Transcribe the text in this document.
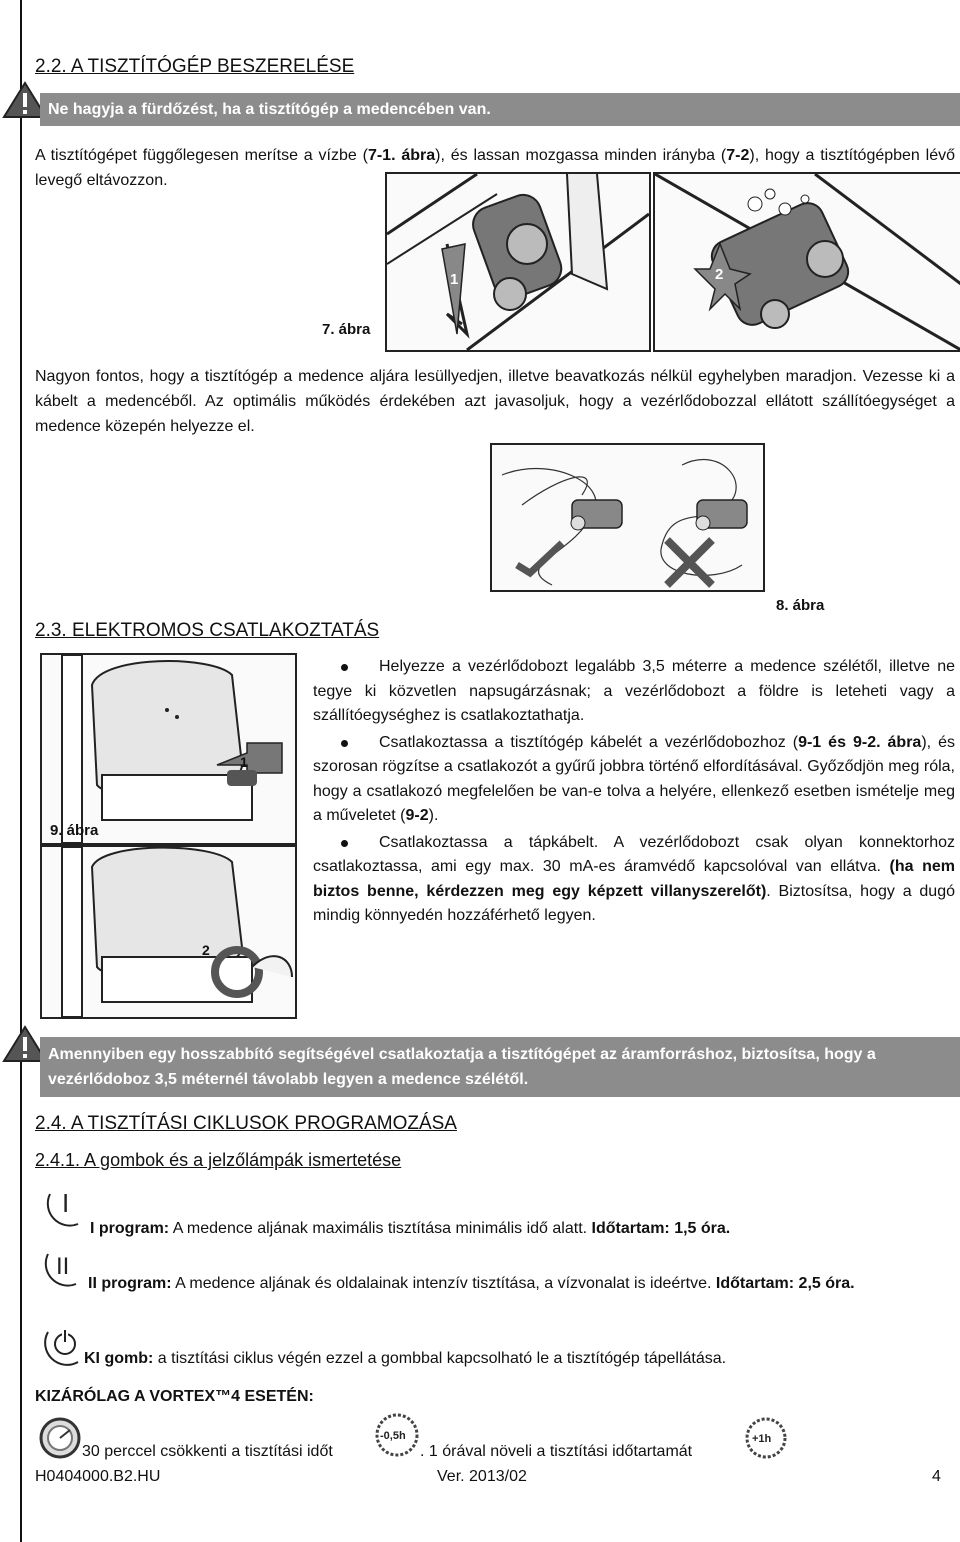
2.2. A TISZTÍTÓGÉP BESZERELÉSE
Ne hagyja a fürdőzést, ha a tisztítógép a medencében van.
A tisztítógépet függőlegesen merítse a vízbe (7-1. ábra), és lassan mozgassa minden irányba (7-2), hogy a tisztítógépben lévő levegő eltávozzon.
1	2
7. ábra
Nagyon fontos, hogy a tisztítógép a medence aljára lesüllyedjen, illetve beavatkozás nélkül egyhelyben maradjon. Vezesse ki a kábelt a medencéből. Az optimális működés érdekében azt javasoljuk, hogy a vezérlődobozzal ellátott szállítóegységet a medence közepén helyezze el.
8. ábra
2.3. ELEKTROMOS CSATLAKOZTATÁS
1
9. ábra
2
Helyezze a vezérlődobozt legalább 3,5 méterre a medence szélétől, illetve ne tegye ki közvetlen napsugárzásnak; a vezérlődobozt a földre is leteheti vagy a szállítóegységhez is csatlakoztathatja.
Csatlakoztassa a tisztítógép kábelét a vezérlődobozhoz (9-1 és 9-2. ábra), és szorosan rögzítse a csatlakozót a gyűrű jobbra történő elfordításával. Győződjön meg róla, hogy a csatlakozó megfelelően be van-e tolva a helyére, ellenkező esetben ismételje meg a műveletet (9-2).
Csatlakoztassa a tápkábelt. A vezérlődobozt csak olyan konnektorhoz csatlakoztassa, ami egy max. 30 mA-es áramvédő kapcsolóval van ellátva. (ha nem biztos benne, kérdezzen meg egy képzett villanyszerelőt). Biztosítsa, hogy a dugó mindig könnyedén hozzáférhető legyen.
Amennyiben egy hosszabbító segítségével csatlakoztatja a tisztítógépet az áramforráshoz, biztosítsa, hogy a vezérlődoboz 3,5 méternél távolabb legyen a medence szélétől.
2.4. A TISZTÍTÁSI CIKLUSOK PROGRAMOZÁSA
2.4.1. A gombok és a jelzőlámpák ismertetése
I
I program: A medence aljának maximális tisztítása minimális idő alatt. Időtartam: 1,5 óra.
II
II program: A medence aljának és oldalainak intenzív tisztítása, a vízvonalat is ideértve. Időtartam: 2,5 óra.
KI gomb: a tisztítási ciklus végén ezzel a gombbal kapcsolható le a tisztítógép tápellátása.
KIZÁRÓLAG A VORTEX™4 ESETÉN:
-0,5h	+1h
30 perccel csökkenti a tisztítási időt	. 1 órával növeli a tisztítási időtartamát
H0404000.B2.HU	Ver. 2013/02	4
